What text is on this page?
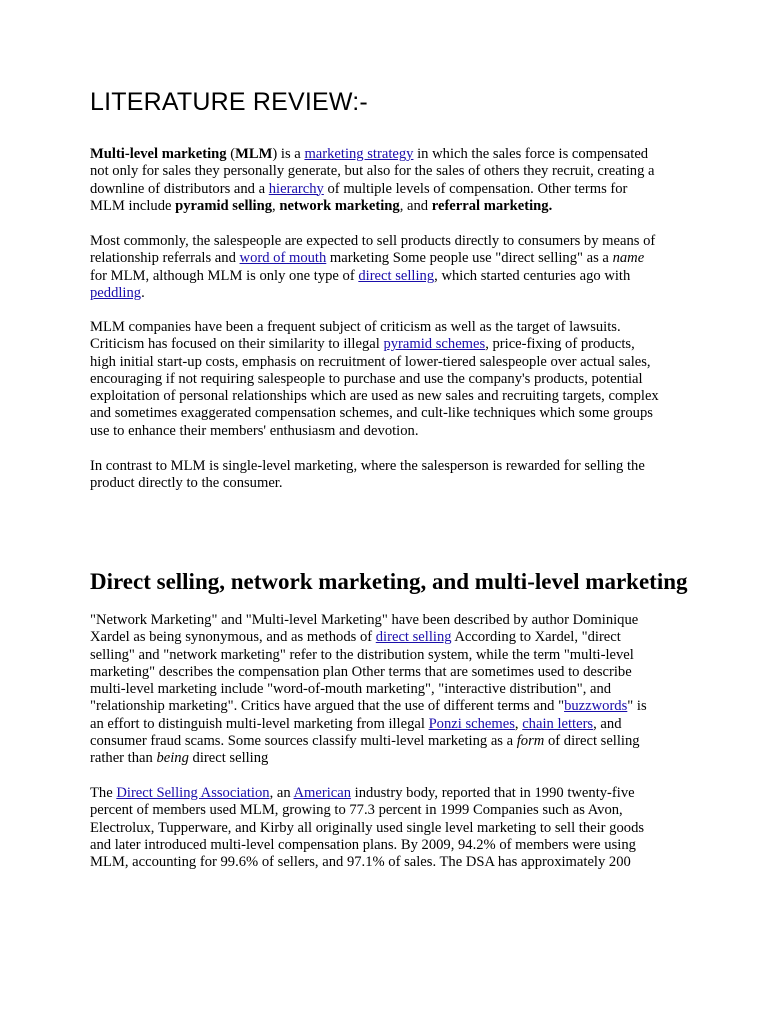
LITERATURE REVIEW:-

Multi-level marketing (MLM) is a marketing strategy in which the sales force is compensated
not only for sales they personally generate, but also for the sales of others they recruit, creating a
downline of distributors and a hierarchy of multiple levels of compensation. Other terms for
MLM include pyramid selling, network marketing, and referral marketing.

Most commonly, the salespeople are expected to sell products directly to consumers by means of
relationship referrals and word of mouth marketing Some people use "direct selling" as a name
for MLM, although MLM is only one type of direct selling, which started centuries ago with
peddling.

MLM companies have been a frequent subject of criticism as well as the target of lawsuits.
Criticism has focused on their similarity to illegal pyramid schemes, price-fixing of products,
high initial start-up costs, emphasis on recruitment of lower-tiered salespeople over actual sales,
encouraging if not requiring salespeople to purchase and use the company's products, potential
exploitation of personal relationships which are used as new sales and recruiting targets, complex
and sometimes exaggerated compensation schemes, and cult-like techniques which some groups
use to enhance their members' enthusiasm and devotion.

In contrast to MLM is single-level marketing, where the salesperson is rewarded for selling the
product directly to the consumer.

Direct selling, network marketing, and multi-level marketing

"Network Marketing" and "Multi-level Marketing" have been described by author Dominique
Xardel as being synonymous, and as methods of direct selling According to Xardel, "direct
selling" and "network marketing" refer to the distribution system, while the term "multi-level
marketing" describes the compensation plan Other terms that are sometimes used to describe
multi-level marketing include "word-of-mouth marketing", "interactive distribution", and
"relationship marketing". Critics have argued that the use of different terms and "buzzwords" is
an effort to distinguish multi-level marketing from illegal Ponzi schemes, chain letters, and
consumer fraud scams. Some sources classify multi-level marketing as a form of direct selling
rather than being direct selling

The Direct Selling Association, an American industry body, reported that in 1990 twenty-five
percent of members used MLM, growing to 77.3 percent in 1999 Companies such as Avon,
Electrolux, Tupperware, and Kirby all originally used single level marketing to sell their goods
and later introduced multi-level compensation plans. By 2009, 94.2% of members were using
MLM, accounting for 99.6% of sellers, and 97.1% of sales. The DSA has approximately 200
